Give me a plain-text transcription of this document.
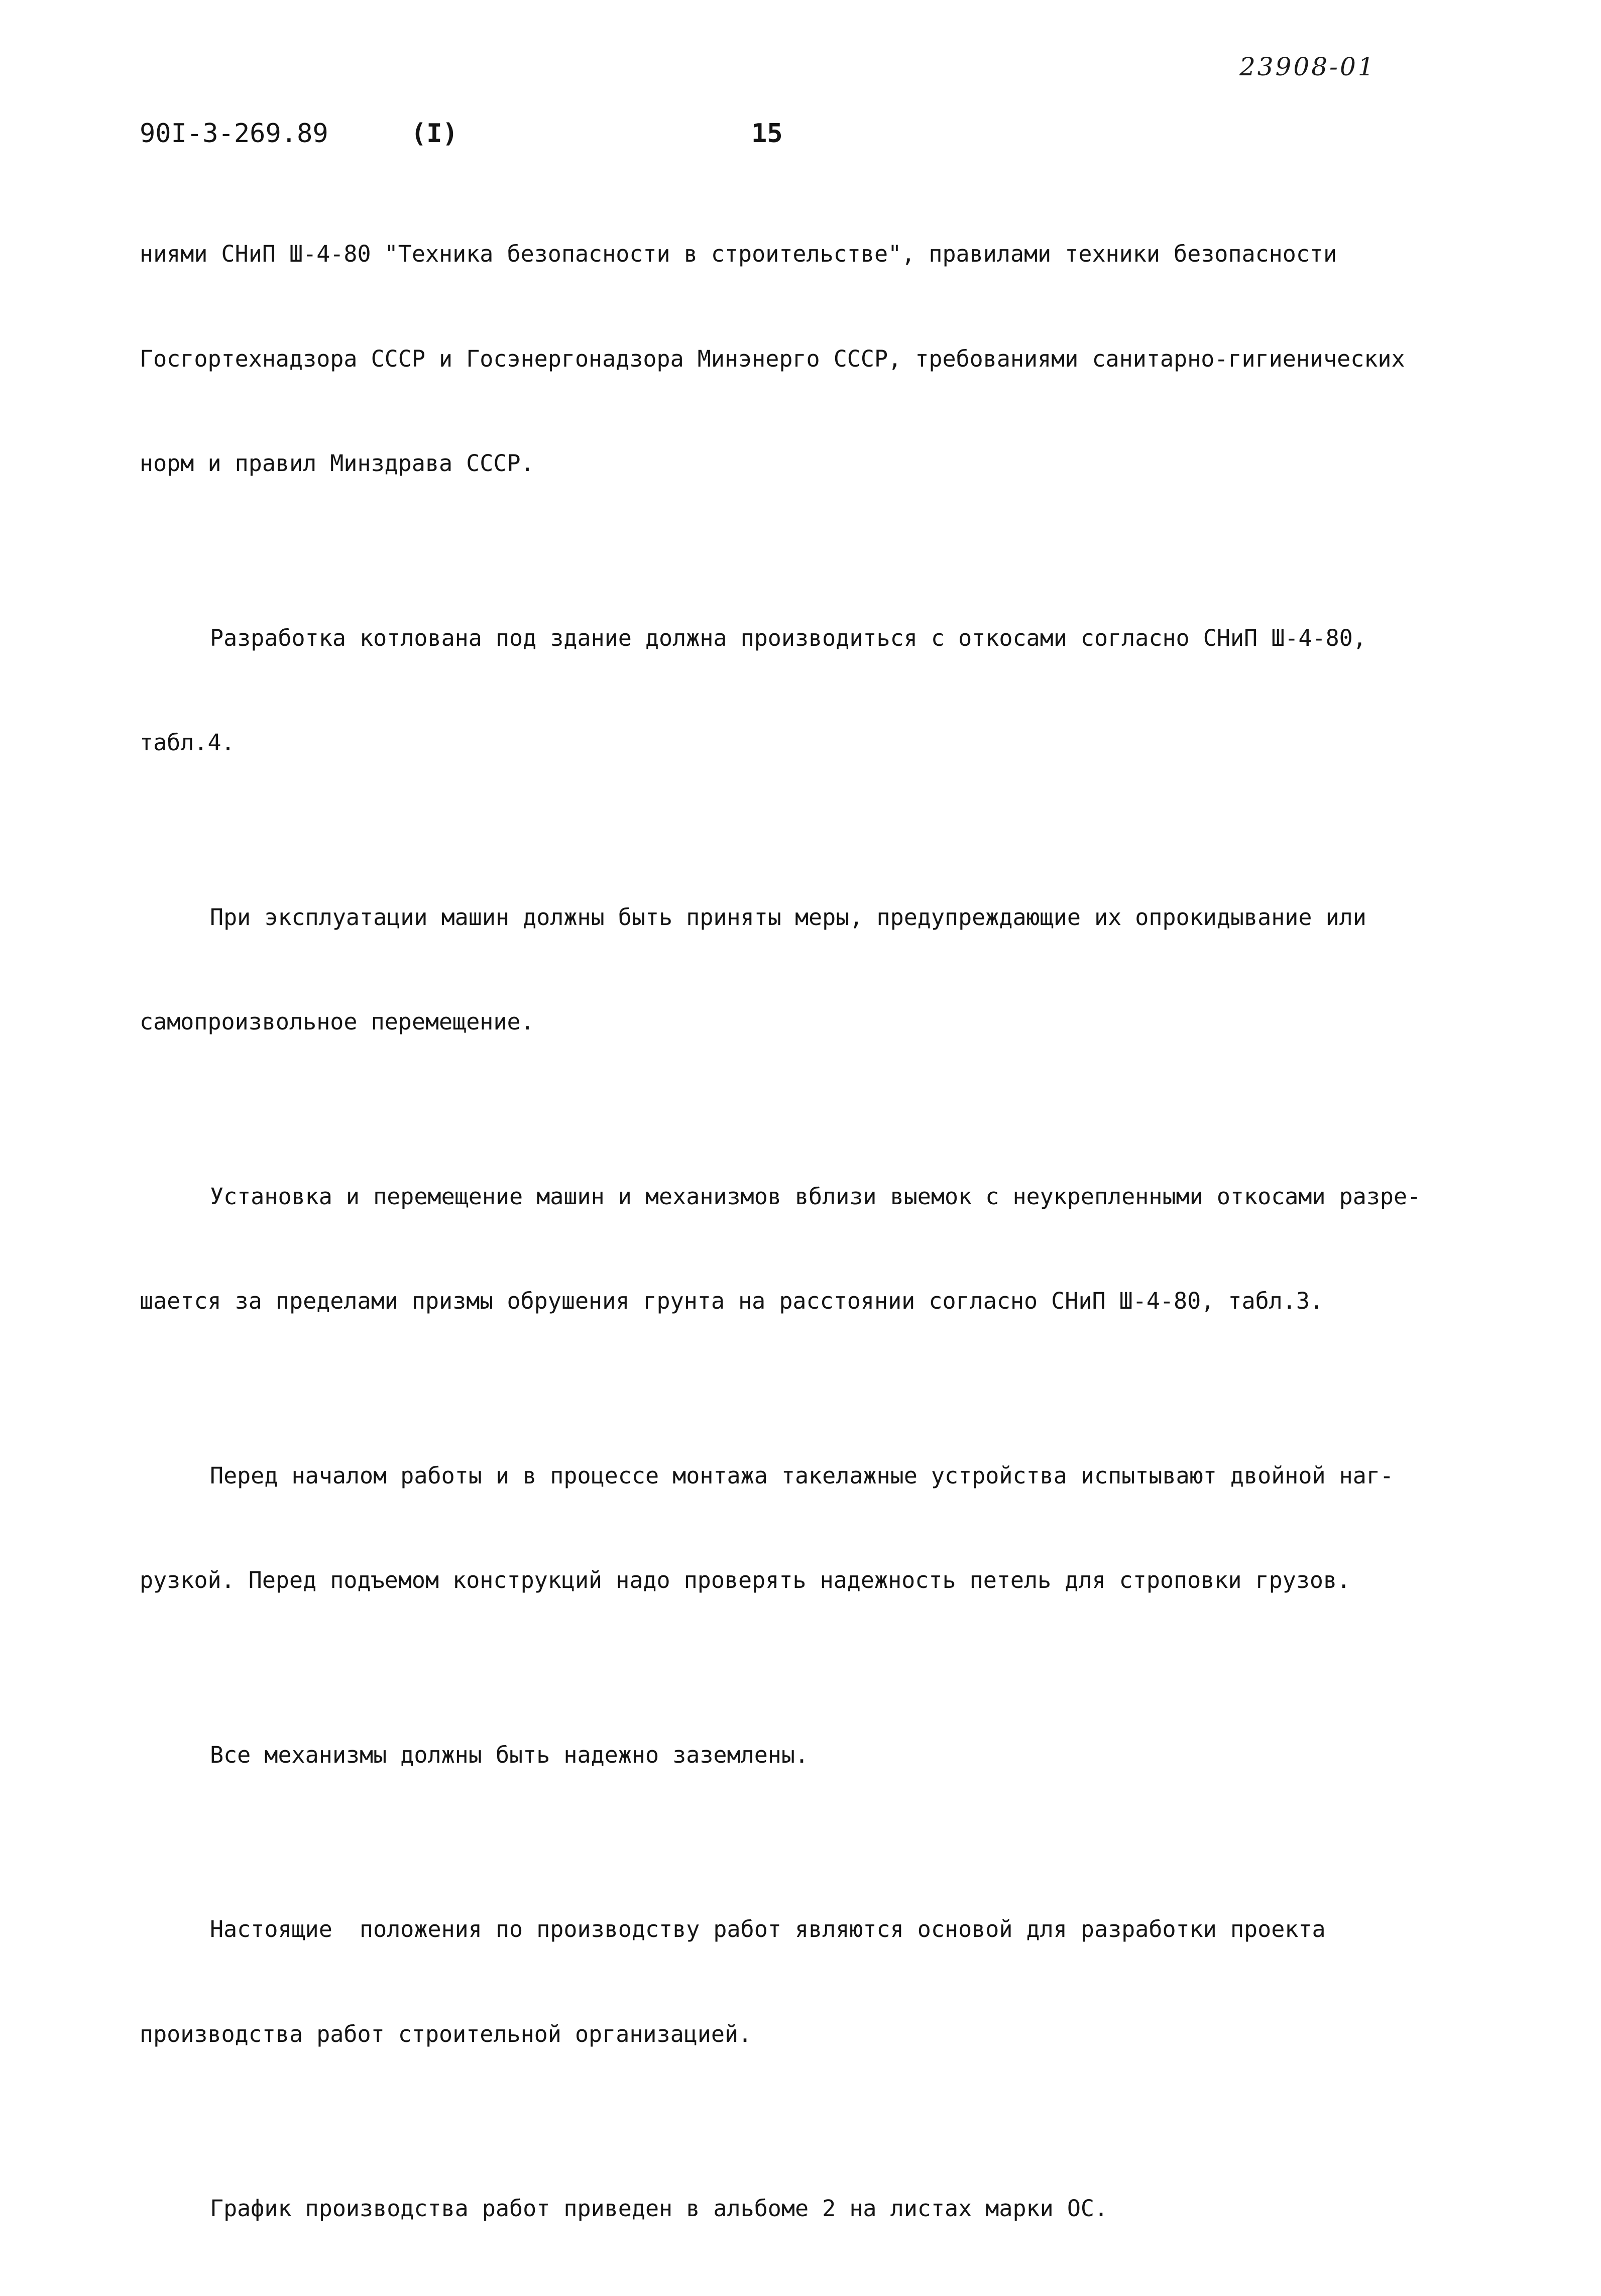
23908-01
90I-3-269.89	(I)	15

ниями СНиП Ш-4-80 "Техника безопасности в строительстве", правилами техники безопасности

Госгортехнадзора СССР и Госэнергонадзора Минэнерго СССР, требованиями санитарно-гигиенических

норм и правил Минздрава СССР.

Разработка котлована под здание должна производиться с откосами согласно СНиП Ш-4-80,

табл.4.

При эксплуатации машин должны быть приняты меры, предупреждающие их опрокидывание или

самопроизвольное перемещение.

Установка и перемещение машин и механизмов вблизи выемок с неукрепленными откосами разре-

шается за пределами призмы обрушения грунта на расстоянии согласно СНиП Ш-4-80, табл.3.

Перед началом работы и в процессе монтажа такелажные устройства испытывают двойной наг-

рузкой. Перед подъемом конструкций надо проверять надежность петель для строповки грузов.

Все механизмы должны быть надежно заземлены.

Настоящие  положения по производству работ являются основой для разработки проекта

производства работ строительной организацией.

График производства работ приведен в альбоме 2 на листах марки ОС.
